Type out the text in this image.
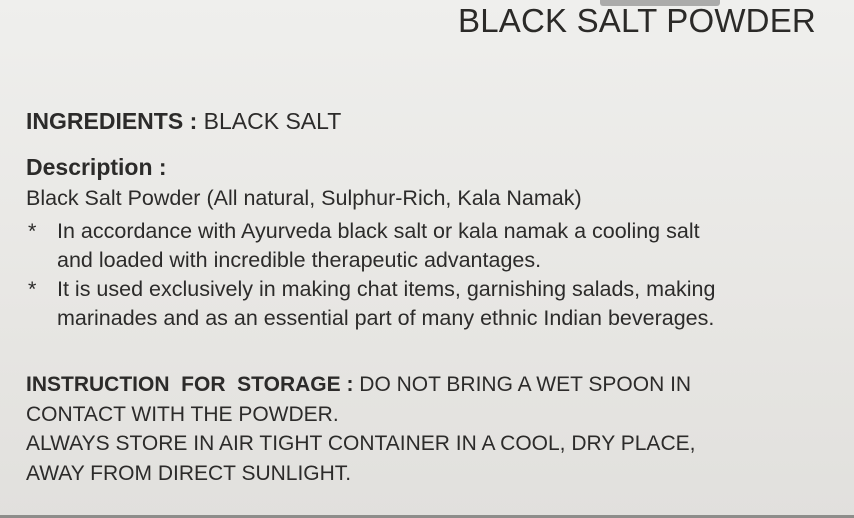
BLACK SALT POWDER

INGREDIENTS : BLACK SALT

Description :

Black Salt Powder (All natural, Sulphur-Rich, Kala Namak)

* In accordance with Ayurveda black salt or kala namak a cooling salt
and loaded with incredible therapeutic advantages.
* It is used exclusively in making chat items, garnishing salads, making
marinades and as an essential part of many ethnic Indian beverages.

INSTRUCTION  FOR  STORAGE : DO NOT BRING A WET SPOON IN

CONTACT WITH THE POWDER.

ALWAYS STORE IN AIR TIGHT CONTAINER IN A COOL, DRY PLACE,

AWAY FROM DIRECT SUNLIGHT.
